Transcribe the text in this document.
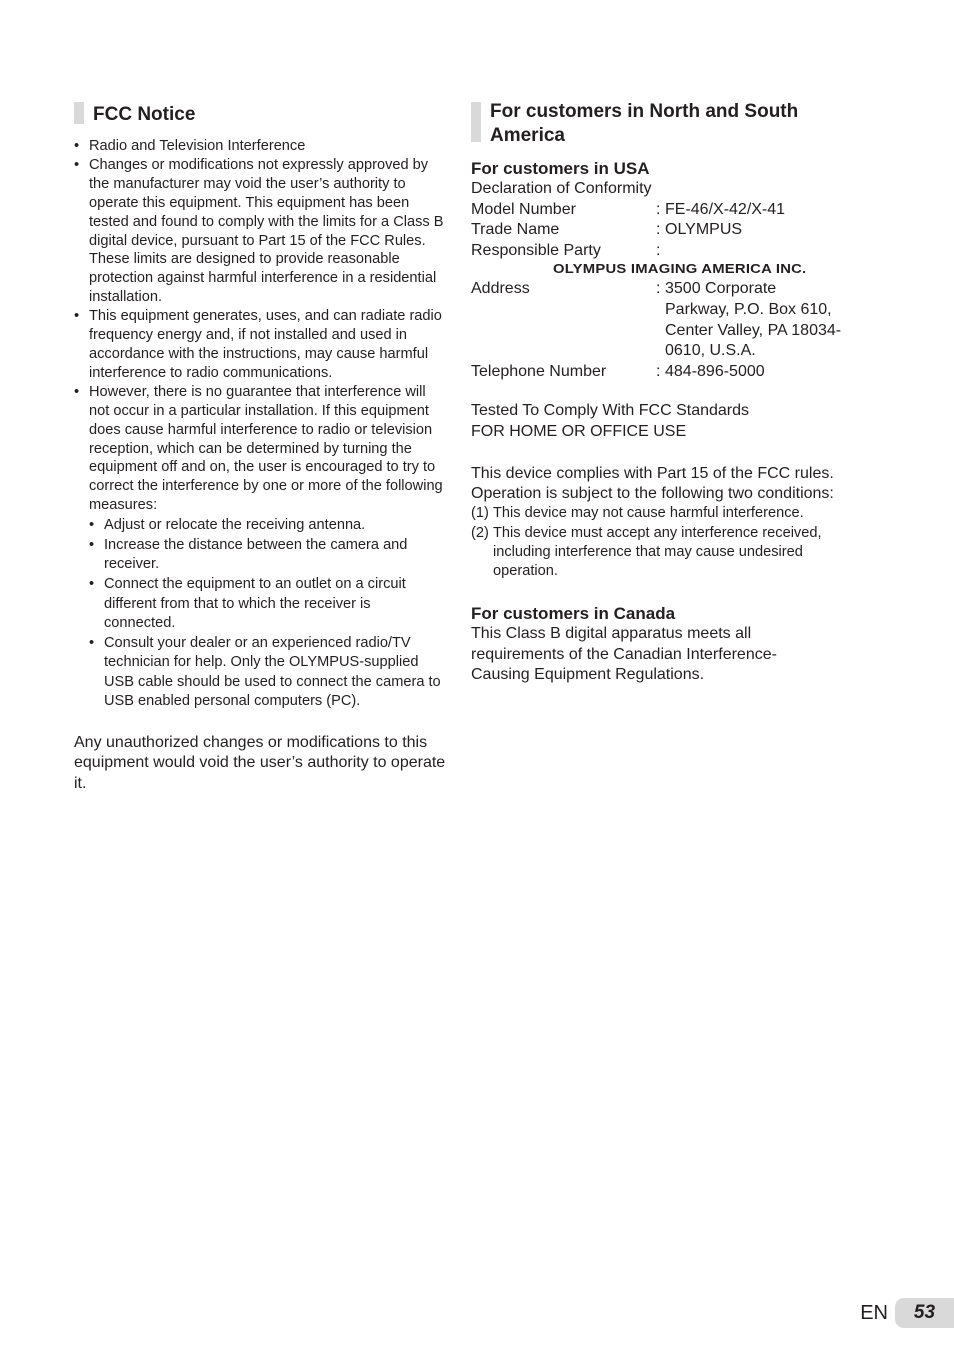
FCC Notice
• Radio and Television Interference
• Changes or modifications not expressly approved by the manufacturer may void the user’s authority to operate this equipment. This equipment has been tested and found to comply with the limits for a Class B digital device, pursuant to Part 15 of the FCC Rules. These limits are designed to provide reasonable protection against harmful interference in a residential installation.
• This equipment generates, uses, and can radiate radio frequency energy and, if not installed and used in accordance with the instructions, may cause harmful interference to radio communications.
• However, there is no guarantee that interference will not occur in a particular installation. If this equipment does cause harmful interference to radio or television reception, which can be determined by turning the equipment off and on, the user is encouraged to try to correct the interference by one or more of the following measures:
• Adjust or relocate the receiving antenna.
• Increase the distance between the camera and receiver.
• Connect the equipment to an outlet on a circuit different from that to which the receiver is connected.
• Consult your dealer or an experienced radio/TV technician for help. Only the OLYMPUS-supplied USB cable should be used to connect the camera to USB enabled personal computers (PC).

Any unauthorized changes or modifications to this equipment would void the user’s authority to operate it.

For customers in North and South America
For customers in USA
Declaration of Conformity
Model Number	: FE-46/X-42/X-41
Trade Name	: OLYMPUS
Responsible Party	:
OLYMPUS IMAGING AMERICA INC.
Address	: 3500 Corporate Parkway, P.O. Box 610, Center Valley, PA 18034-0610, U.S.A.
Telephone Number	: 484-896-5000
Tested To Comply With FCC Standards
FOR HOME OR OFFICE USE

This device complies with Part 15 of the FCC rules. Operation is subject to the following two conditions:

(1) This device may not cause harmful interference.
(2) This device must accept any interference received, including interference that may cause undesired operation.
For customers in Canada

This Class B digital apparatus meets all requirements of the Canadian Interference-Causing Equipment Regulations.

EN	53
